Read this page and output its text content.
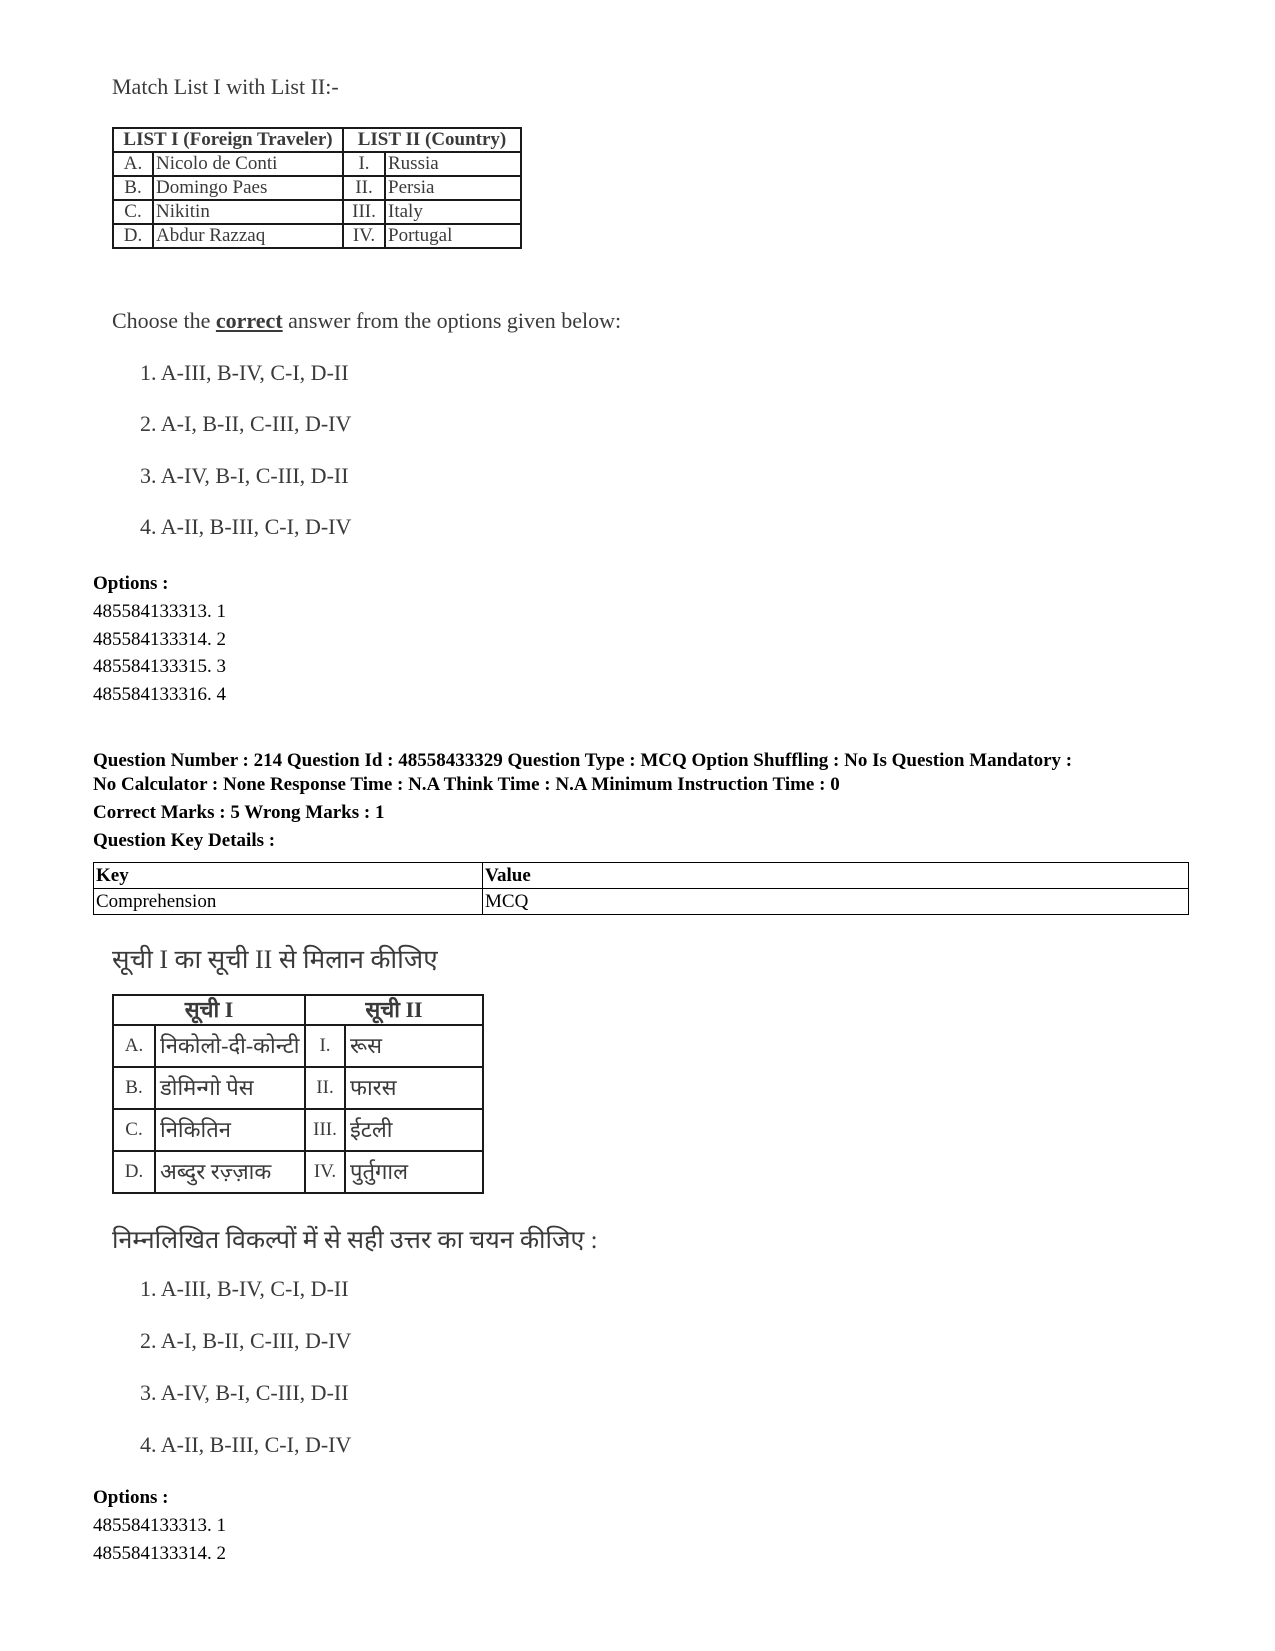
Match List I with List II:-
LIST I (Foreign Traveler)		LIST II (Country)	
A.	Nicolo de Conti	I.	Russia
B.	Domingo Paes	II.	Persia
C.	Nikitin	III.	Italy
D.	Abdur Razzaq	IV.	Portugal
Choose the correct answer from the options given below:
1. A-III, B-IV, C-I, D-II
2. A-I, B-II, C-III, D-IV
3. A-IV, B-I, C-III, D-II
4. A-II, B-III, C-I, D-IV
Options :
485584133313. 1
485584133314. 2
485584133315. 3
485584133316. 4
Question Number : 214 Question Id : 48558433329 Question Type : MCQ Option Shuffling : No Is Question Mandatory :
No Calculator : None Response Time : N.A Think Time : N.A Minimum Instruction Time : 0
Correct Marks : 5 Wrong Marks : 1
Question Key Details :
Key	Value
Comprehension	MCQ
सूची I का सूची II से मिलान कीजिए
सूची I		सूची II	
A.	निकोलो-दी-कोन्टी	I.	रूस
B.	डोमिन्गो पेस	II.	फारस
C.	निकितिन	III.	ईटली
D.	अब्दुर रज़्ज़ाक	IV.	पुर्तुगाल
निम्नलिखित विकल्पों में से सही उत्तर का चयन कीजिए :
1. A-III, B-IV, C-I, D-II
2. A-I, B-II, C-III, D-IV
3. A-IV, B-I, C-III, D-II
4. A-II, B-III, C-I, D-IV
Options :
485584133313. 1
485584133314. 2
